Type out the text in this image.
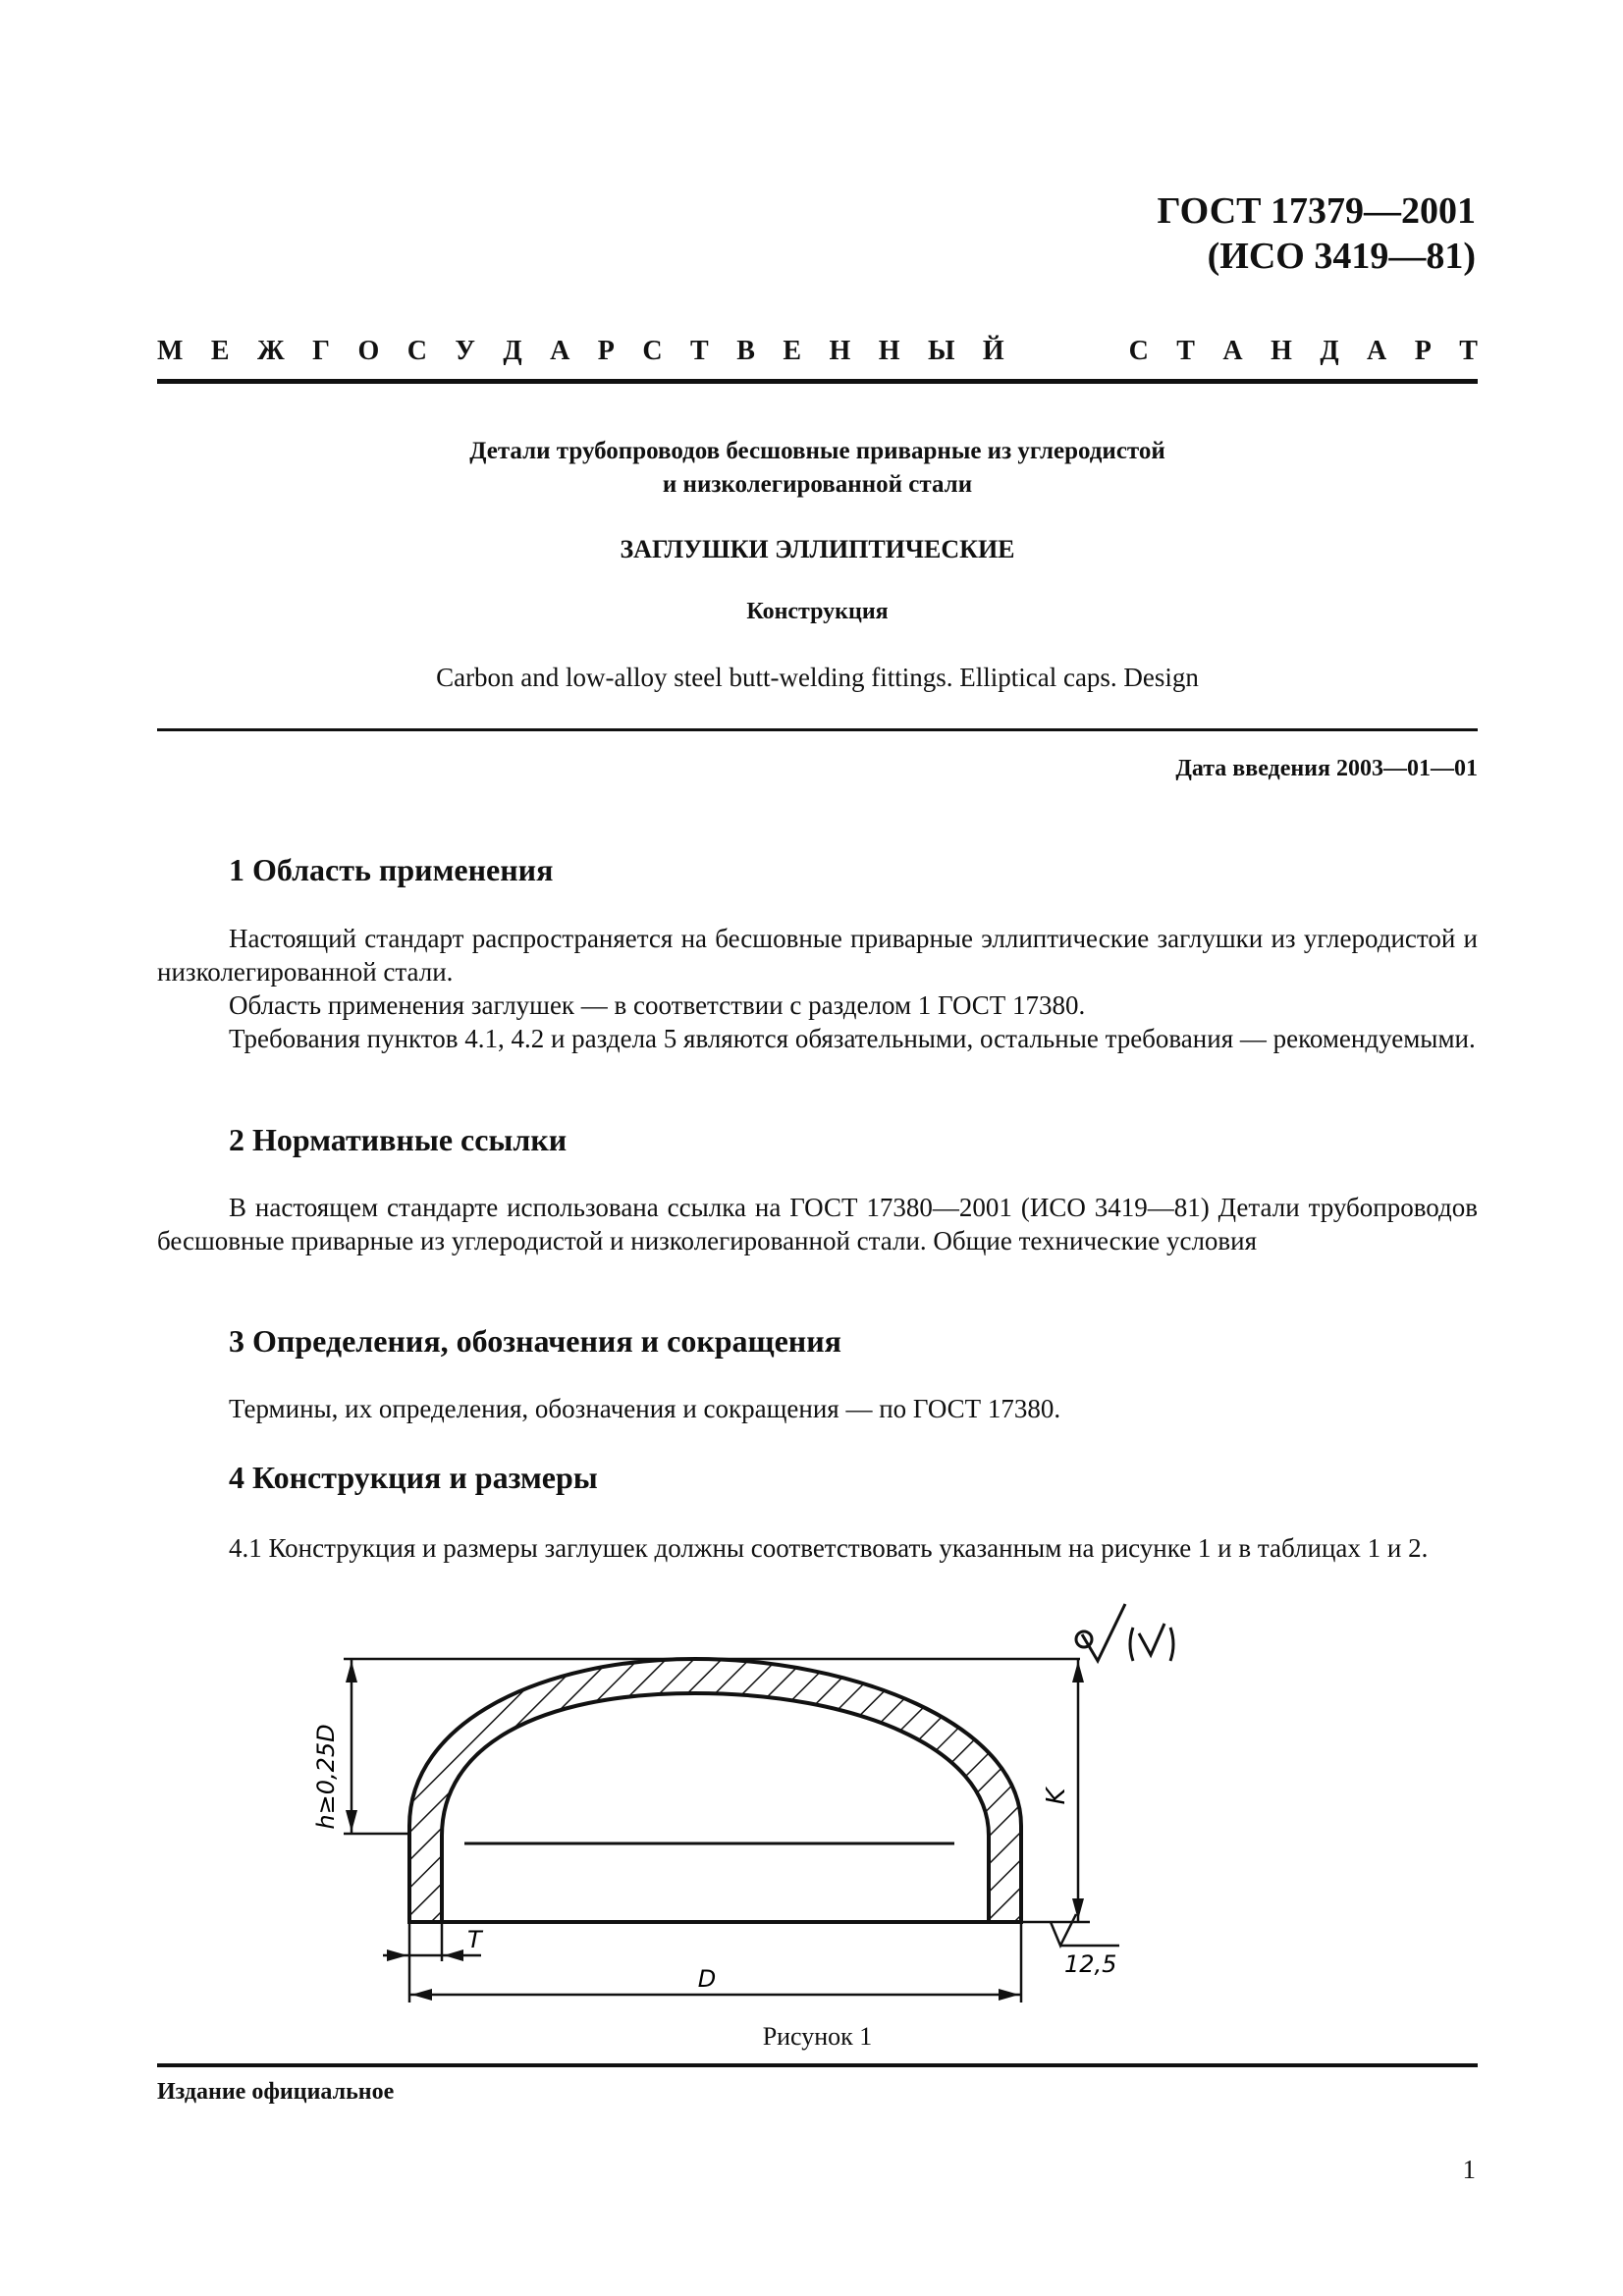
ГОСТ 17379—2001
(ИСО 3419—81)
М Е Ж Г О С У Д А Р С Т В Е Н Н Ы Й	С Т А Н Д А Р Т
Детали трубопроводов бесшовные приварные из углеродистой
и низколегированной стали
ЗАГЛУШКИ ЭЛЛИПТИЧЕСКИЕ
Конструкция
Carbon and low-alloy steel butt-welding fittings. Elliptical caps. Design
Дата введения 2003—01—01
1 Область применения

Настоящий стандарт распространяется на бесшовные приварные эллиптические заглушки из углеродистой и низколегированной стали.

Область применения заглушек — в соответствии с разделом 1 ГОСТ 17380.

Требования пунктов 4.1, 4.2 и раздела 5 являются обязательными, остальные требования — рекомендуемыми.

2 Нормативные ссылки

В настоящем стандарте использована ссылка на ГОСТ 17380—2001 (ИСО 3419—81) Детали трубопроводов бесшовные приварные из углеродистой и низколегированной стали. Общие технические условия

3 Определения, обозначения и сокращения

Термины, их определения, обозначения и сокращения — по ГОСТ 17380.

4 Конструкция и размеры

4.1 Конструкция и размеры заглушек должны соответствовать указанным на рисунке 1 и в таблицах 1 и 2.

h≥0,25D	K
12,5
T
D
Рисунок 1
Издание официальное
1
